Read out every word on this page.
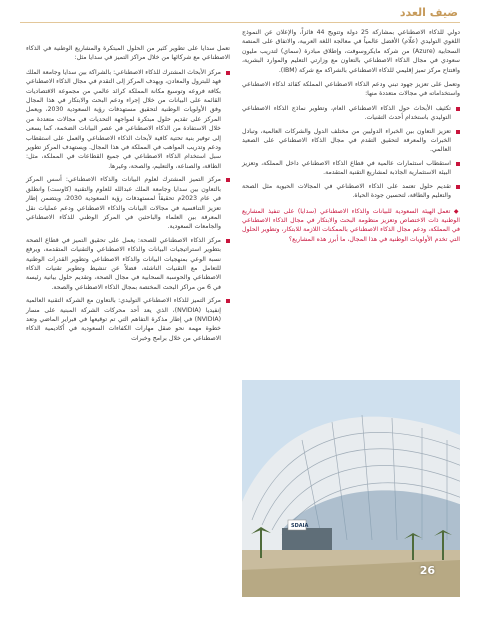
ضيف العدد

دولي للذكاء الاصطناعي بمشاركة 25 دولة وتتويج 44 فائزاً، والإعلان عن النموذج اللغوي التوليدي (علّام) الأفضل عالمياً في معالجة اللغة العربية، والاتفاق على المنصة السحابية (Azure) من شركة مايكروسوفت، وإطلاق مبادرة (سماي) لتدريب مليون سعودي في مجال الذكاء الاصطناعي بالتعاون مع وزارتي التعليم والموارد البشرية، وافتتاح مركز تميز إقليمي للذكاء الاصطناعي بالشراكة مع شركة (IBM).

وتعمل على تعزيز جهود تبني ودعم الذكاء الاصطناعي المملكة كقائد لذكاء الاصطناعي واستخداماته في مجالات متعددة منها:

تكثيف الأبحاث حول الذكاء الاصطناعي العام، وتطوير نماذج الذكاء الاصطناعي التوليدي باستخدام أحدث التقنيات.
تعزيز التعاون بين الخبراء الدوليين من مختلف الدول والشركات العالمية، وتبادل الخبرات والمعرفة لتحقيق التقدم في مجال الذكاء الاصطناعي على الصعيد العالمي.
استقطاب استثمارات عالمية في قطاع الذكاء الاصطناعي داخل المملكة، وتعزيز البيئة الاستثمارية الجاذبة لمشاريع التقنية المتقدمة.
تقديم حلول تعتمد على الذكاء الاصطناعي في المجالات الحيوية مثل الصحة والتعليم والطاقة، لتحسين جودة الحياة.

◆ تعمل الهيئة السعودية للبيانات والذكاء الاصطناعي (سدايا) على تنفيذ المشاريع الوطنية ذات الاختصاص وتعزيز منظومة البحث والابتكار في مجال الذكاء الاصطناعي في المملكة، ودعم مجال الذكاء الاصطناعي بالممكنات اللازمة للابتكار، وتطوير الحلول التي تخدم الأولويات الوطنية في هذا المجال، ما أبرز هذه المشاريع؟

SDAIA
26

تعمل سدايا على تطوير كثير من الحلول المبتكرة والمشاريع الوطنية في الذكاء الاصطناعي مع شركائها من خلال مراكز التميز في سدايا مثل:

مركز الأبحاث المشترك للذكاء الاصطناعي: بالشراكة بين سدايا وجامعة الملك فهد للبترول والمعادن، ويهدف المركز إلى التقدم في مجال الذكاء الاصطناعي بكافة فروعه وتوسيع مكانة المملكة كرائد عالمي من مجموعة الاقتصاديات القائمة على البيانات من خلال إجراء ودعم البحث والابتكار في هذا المجال وفق الأولويات الوطنية لتحقيق مستهدفات رؤية السعودية 2030، ويعمل المركز على تقديم حلول مبتكرة لمواجهة التحديات في مجالات متعددة من خلال الاستفادة من الذكاء الاصطناعي في عصر البيانات الضخمة، كما يسعى إلى توفير بنية تحتية كافية لأبحاث الذكاء الاصطناعي والعمل على استقطاب ودعم وتدريب المواهب في المملكة في هذا المجال. ويستهدف المركز تطوير سبل استخدام الذكاء الاصطناعي في جميع القطاعات في المملكة، مثل: الطاقة، والصناعة، والتعليم، والصحة، وغيرها.
مركز التميز المشترك لعلوم البيانات والذكاء الاصطناعي: أسس المركز بالتعاون بين سدايا وجامعة الملك عبدالله للعلوم والتقنية (كاوست) وانطلق في عام 2023م تحقيقاً لمستهدفات رؤية السعودية 2030، ويتضمن إطار تعزيز التنافسية في مجالات البيانات والذكاء الاصطناعي ودعم عمليات نقل المعرفة بين العلماء والباحثين في المركز الوطني للذكاء الاصطناعي والجامعات السعودية.
مركز الذكاء الاصطناعي للصحة: يعمل على تحقيق التميز في قطاع الصحة بتطوير استراتيجيات البيانات والذكاء الاصطناعي والتقنيات المتقدمة، ويرفع نسبة الوعي بمنهجيات البيانات والذكاء الاصطناعي وتطوير القدرات الوطنية للتعامل مع التقنيات الناشئة، فضلاً عن تنشيط وتطوير تقنيات الذكاء الاصطناعي والحوسبة السحابية في مجال الصحة، وتقديم حلول بيانية رئيسة في 6 من مراكز البحث المختصة بمجال الذكاء الاصطناعي والصحة.
مركز التميز للذكاء الاصطناعي التوليدي: بالتعاون مع الشركة التقنية العالمية إنفيديا (NVIDIA)، الذي يعد أحد محركات الشركة المبنية على مسار (NVIDIA) في إطار مذكرة التفاهم التي تم توقيعها في فبراير الماضي وتعد خطوة مهمة نحو صقل مهارات الكفاءات السعودية في أكاديمية الذكاء الاصطناعي من خلال برامج وخبرات
